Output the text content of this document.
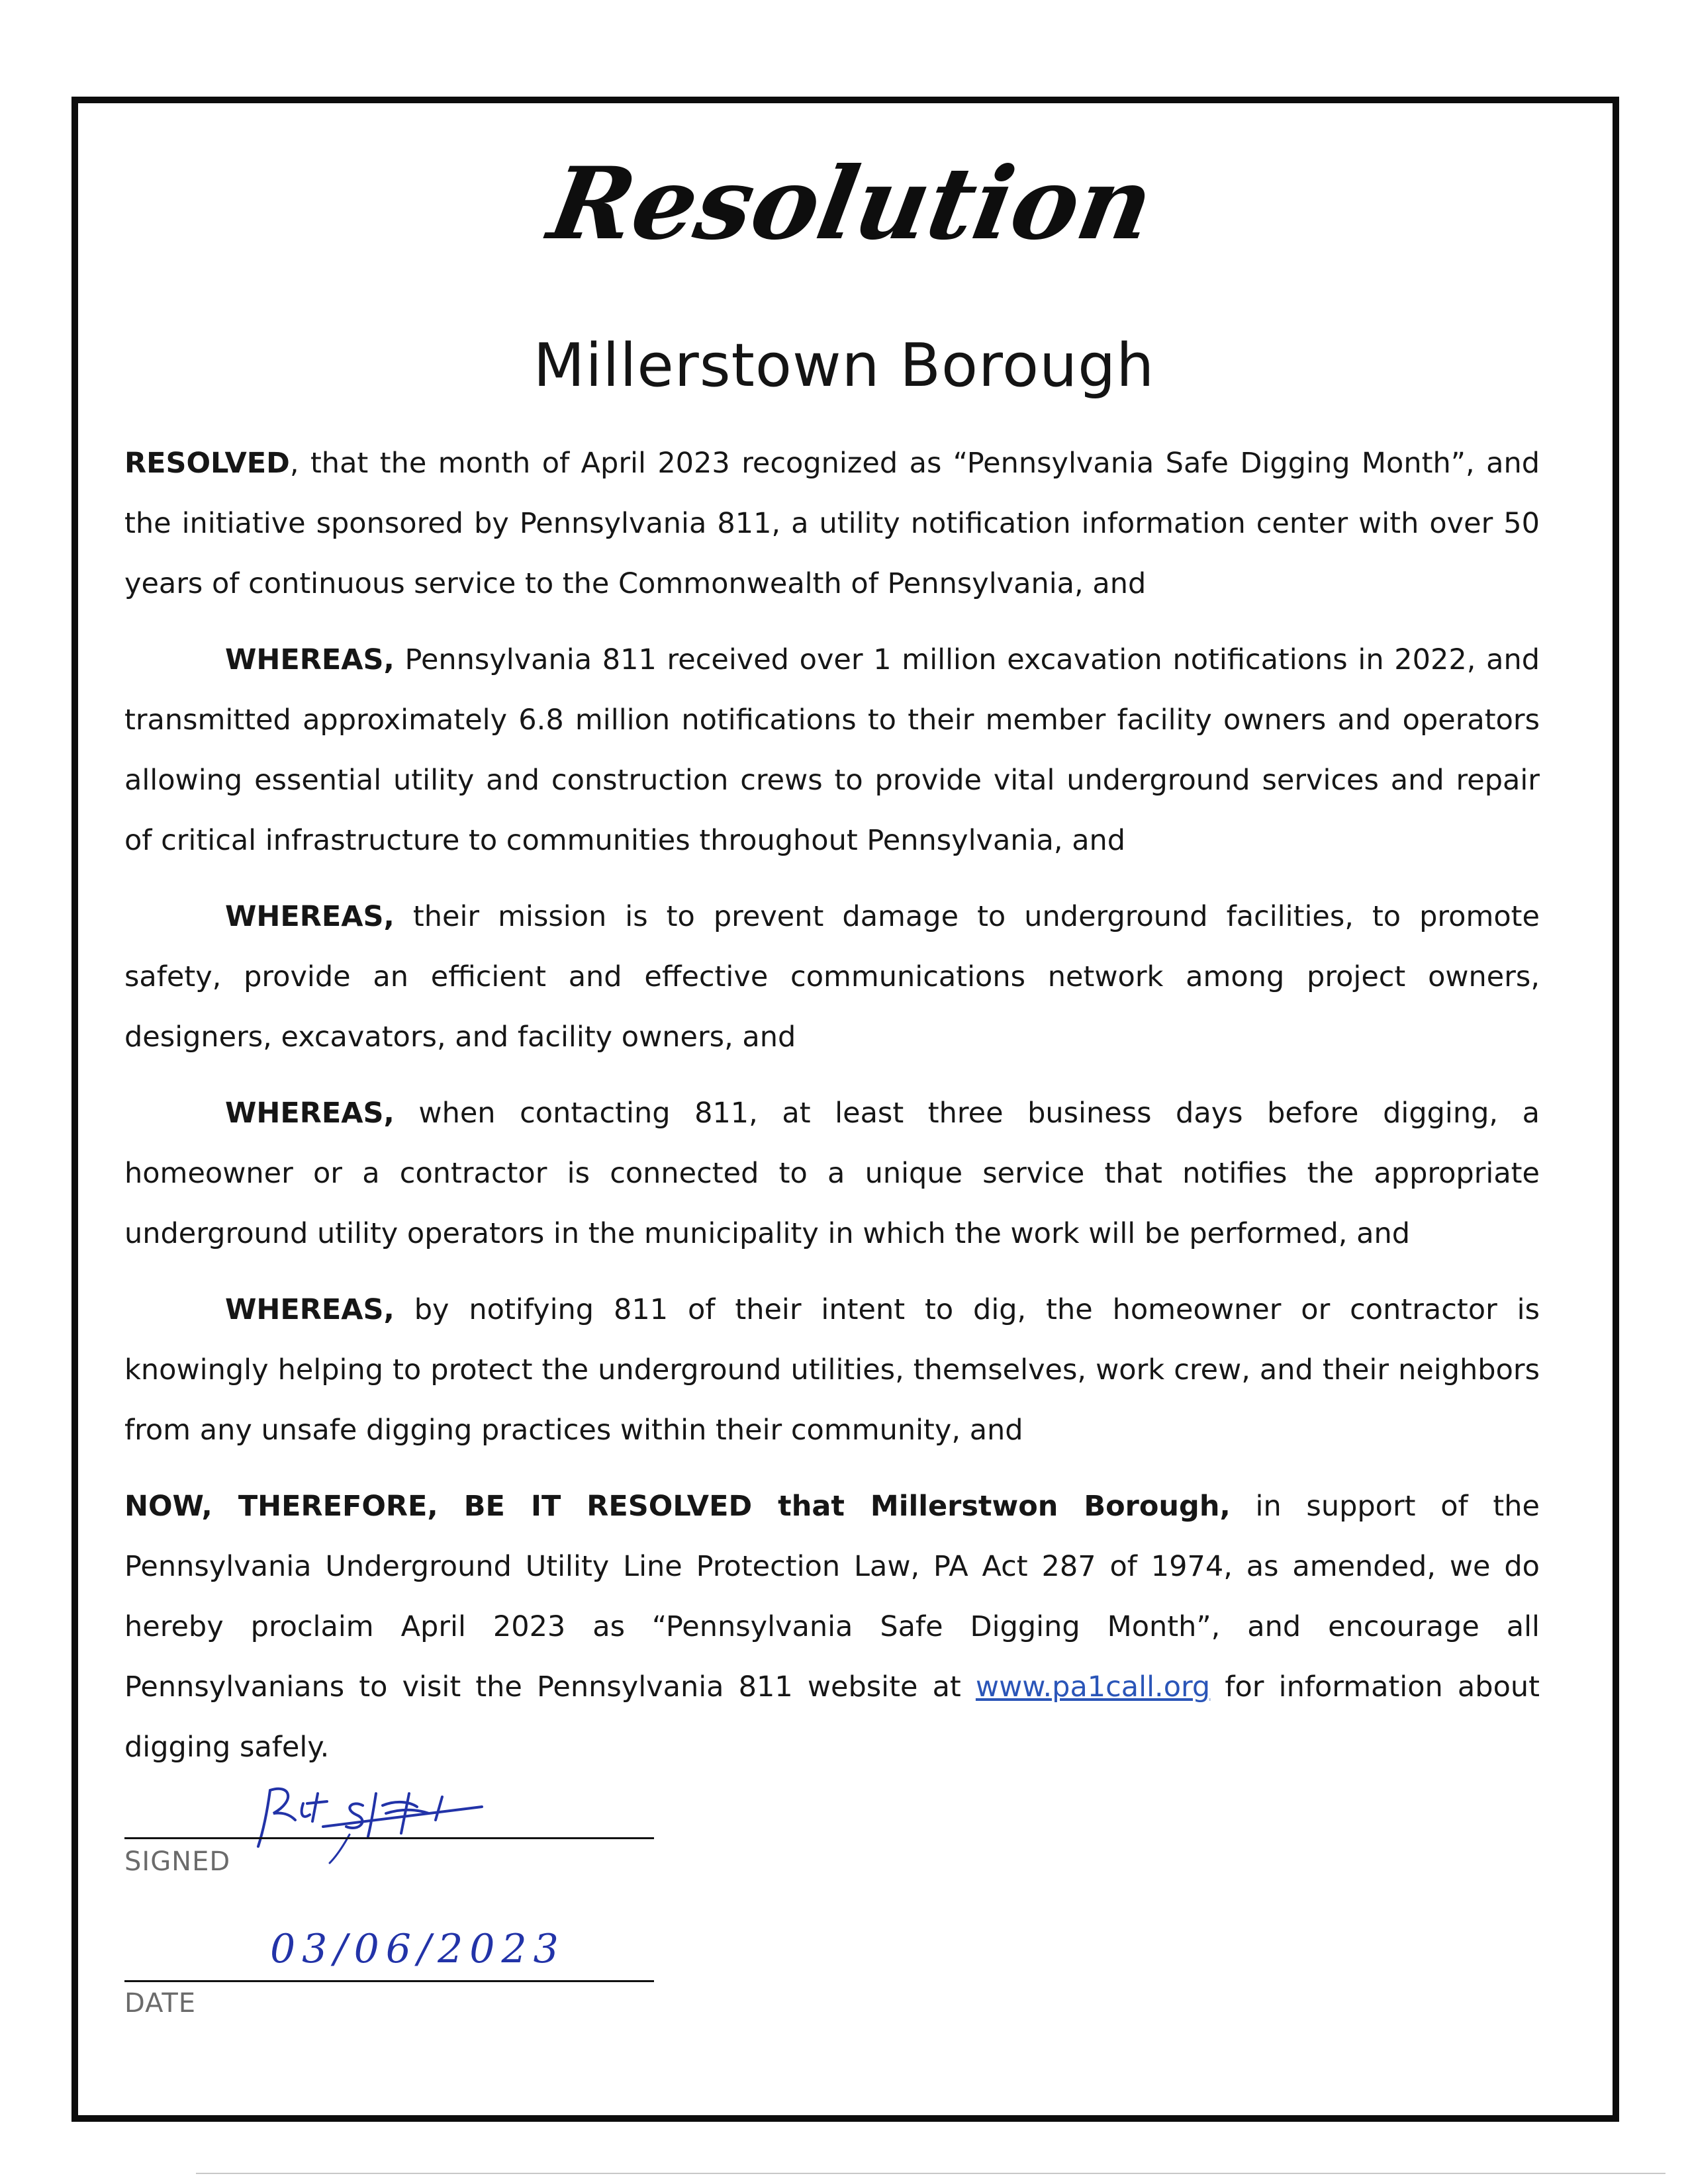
Resolution
Millerstown Borough

RESOLVED, that the month of April 2023 recognized as “Pennsylvania Safe Digging Month”, and the initiative sponsored by Pennsylvania 811, a utility notification information center with over 50 years of continuous service to the Commonwealth of Pennsylvania, and

WHEREAS, Pennsylvania 811 received over 1 million excavation notifications in 2022, and transmitted approximately 6.8 million notifications to their member facility owners and operators allowing essential utility and construction crews to provide vital underground services and repair of critical infrastructure to communities throughout Pennsylvania, and

WHEREAS, their mission is to prevent damage to underground facilities, to promote safety, provide an efficient and effective communications network among project owners, designers, excavators, and facility owners, and

WHEREAS, when contacting 811, at least three business days before digging, a homeowner or a contractor is connected to a unique service that notifies the appropriate underground utility operators in the municipality in which the work will be performed, and

WHEREAS, by notifying 811 of their intent to dig, the homeowner or contractor is knowingly helping to protect the underground utilities, themselves, work crew, and their neighbors from any unsafe digging practices within their community, and

NOW, THEREFORE, BE IT RESOLVED that Millerstwon Borough, in support of the Pennsylvania Underground Utility Line Protection Law, PA Act 287 of 1974, as amended, we do hereby proclaim April 2023 as “Pennsylvania Safe Digging Month”, and encourage all Pennsylvanians to visit the Pennsylvania 811 website at www.pa1call.org for information about digging safely.

SIGNED
03/06/2023
DATE
